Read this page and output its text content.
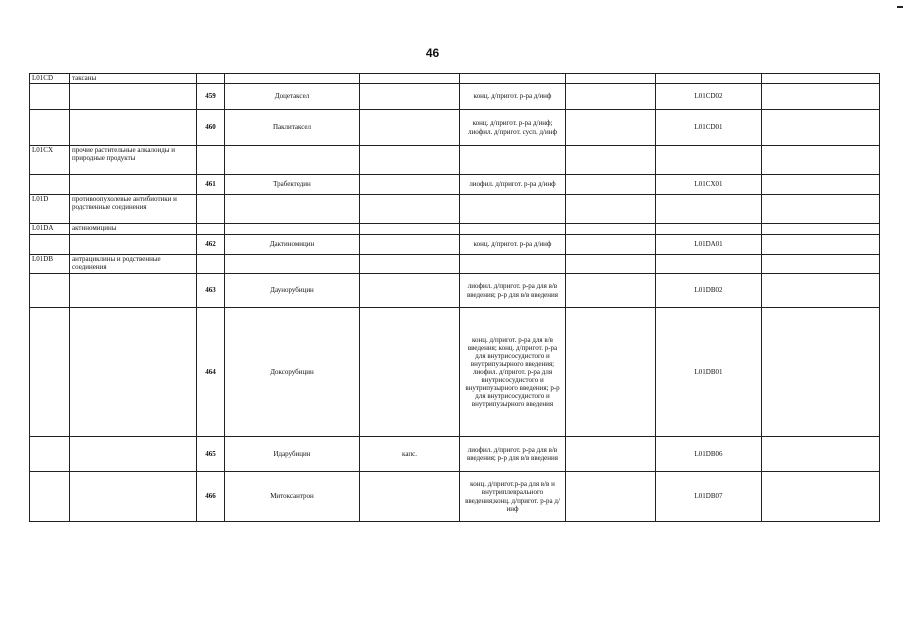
46
L01CD	таксаны							
		459	Доцетаксел		конц. д/пригот. р-ра д/инф		L01CD02	
		460	Паклитаксел		конц. д/пригот. р-ра д/инф; лиофил. д/пригот. сусп. д/инф		L01CD01	
L01CX	прочие растительные алкалоиды и природные продукты							
		461	Трабектедин		лиофил. д/пригот. р-ра д/инф		L01CX01	
L01D	противоопухолевые антибиотики и родственные соединения							
L01DA	актиномицины							
		462	Дактиномицин		конц. д/пригот. р-ра д/инф		L01DA01	
L01DB	антрациклины и родственные соединения							
		463	Даунорубицин		лиофил. д/пригот. р-ра для в/в введения; р-р для в/в введения		L01DB02	
		464	Доксорубицин		конц. д/пригот. р-ра для в/в введения; конц. д/пригот. р-ра для внутрисосудистого и внутрипузырного введения; лиофил. д/пригот. р-ра для внутрисосудистого и внутрипузырного введения; р-р для внутрисосудистого и внутрипузырного введения		L01DB01	
		465	Идарубицин	капс.	лиофил. д/пригот. р-ра для в/в введения; р-р для в/в введения		L01DB06	
		466	Митоксантрон		конц. д/пригот.р-ра для в/в и внутриплеврального введения;конц. д/пригот. р-ра д/инф		L01DB07	
